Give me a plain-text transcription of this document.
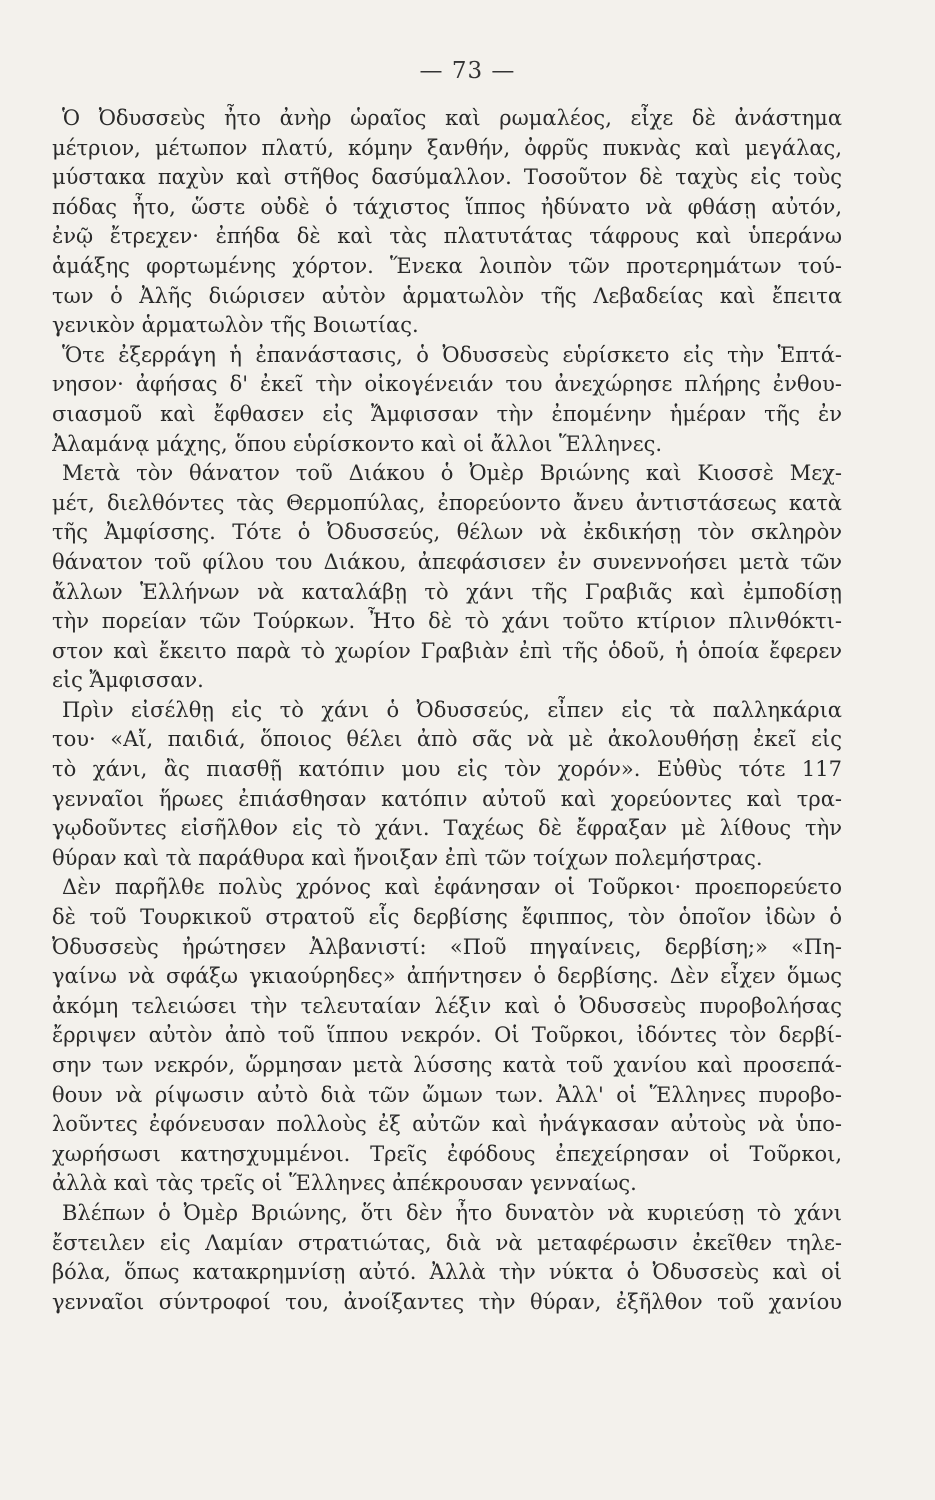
— 73 —
Ὁ Ὀδυσσεὺς ἦτο ἀνὴρ ὡραῖος καὶ ρωμαλέος, εἶχε δὲ ἀνάστημα
μέτριον, μέτωπον πλατύ, κόμην ξανθήν, ὀφρῦς πυκνὰς καὶ μεγάλας,
μύστακα παχὺν καὶ στῆθος δασύμαλλον. Τοσοῦτον δὲ ταχὺς εἰς τοὺς
πόδας ἦτο, ὥστε οὐδὲ ὁ τάχιστος ἵππος ἠδύνατο νὰ φθάσῃ αὐτόν,
ἐνῷ ἔτρεχεν· ἐπήδα δὲ καὶ τὰς πλατυτάτας τάφρους καὶ ὑπεράνω
ἁμάξης φορτωμένης χόρτον. Ἕνεκα λοιπὸν τῶν προτερημάτων τού-
των ὁ Ἀλῆς διώρισεν αὐτὸν ἁρματωλὸν τῆς Λεβαδείας καὶ ἔπειτα
γενικὸν ἁρματωλὸν τῆς Βοιωτίας.
Ὅτε ἐξερράγη ἡ ἐπανάστασις, ὁ Ὀδυσσεὺς εὑρίσκετο εἰς τὴν Ἑπτά-
νησον· ἀφήσας δ' ἐκεῖ τὴν οἰκογένειάν του ἀνεχώρησε πλήρης ἐνθου-
σιασμοῦ καὶ ἔφθασεν εἰς Ἄμφισσαν τὴν ἐπομένην ἡμέραν τῆς ἐν
Ἀλαμάνᾳ μάχης, ὅπου εὑρίσκοντο καὶ οἱ ἄλλοι Ἕλληνες.
Μετὰ τὸν θάνατον τοῦ Διάκου ὁ Ὀμὲρ Βριώνης καὶ Κιοσσὲ Μεχ-
μέτ, διελθόντες τὰς Θερμοπύλας, ἐπορεύοντο ἄνευ ἀντιστάσεως κατὰ
τῆς Ἀμφίσσης. Τότε ὁ Ὀδυσσεύς, θέλων νὰ ἐκδικήσῃ τὸν σκληρὸν
θάνατον τοῦ φίλου του Διάκου, ἀπεφάσισεν ἐν συνεννοήσει μετὰ τῶν
ἄλλων Ἑλλήνων νὰ καταλάβῃ τὸ χάνι τῆς Γραβιᾶς καὶ ἐμποδίσῃ
τὴν πορείαν τῶν Τούρκων. Ἦτο δὲ τὸ χάνι τοῦτο κτίριον πλινθόκτι-
στον καὶ ἔκειτο παρὰ τὸ χωρίον Γραβιὰν ἐπὶ τῆς ὁδοῦ, ἡ ὁποία ἔφερεν
εἰς Ἄμφισσαν.
Πρὶν εἰσέλθῃ εἰς τὸ χάνι ὁ Ὀδυσσεύς, εἶπεν εἰς τὰ παλληκάρια
του· «Αἴ, παιδιά, ὅποιος θέλει ἀπὸ σᾶς νὰ μὲ ἀκολουθήσῃ ἐκεῖ εἰς
τὸ χάνι, ἂς πιασθῇ κατόπιν μου εἰς τὸν χορόν». Εὐθὺς τότε 117
γενναῖοι ἥρωες ἐπιάσθησαν κατόπιν αὐτοῦ καὶ χορεύοντες καὶ τρα-
γῳδοῦντες εἰσῆλθον εἰς τὸ χάνι. Ταχέως δὲ ἔφραξαν μὲ λίθους τὴν
θύραν καὶ τὰ παράθυρα καὶ ἤνοιξαν ἐπὶ τῶν τοίχων πολεμήστρας.
Δὲν παρῆλθε πολὺς χρόνος καὶ ἐφάνησαν οἱ Τοῦρκοι· προεπορεύετο
δὲ τοῦ Τουρκικοῦ στρατοῦ εἷς δερβίσης ἔφιππος, τὸν ὁποῖον ἰδὼν ὁ
Ὀδυσσεὺς ἠρώτησεν Ἀλβανιστί: «Ποῦ πηγαίνεις, δερβίση;» «Πη-
γαίνω νὰ σφάξω γκιαούρηδες» ἀπήντησεν ὁ δερβίσης. Δὲν εἶχεν ὅμως
ἀκόμη τελειώσει τὴν τελευταίαν λέξιν καὶ ὁ Ὀδυσσεὺς πυροβολήσας
ἔρριψεν αὐτὸν ἀπὸ τοῦ ἵππου νεκρόν. Οἱ Τοῦρκοι, ἰδόντες τὸν δερβί-
σην των νεκρόν, ὥρμησαν μετὰ λύσσης κατὰ τοῦ χανίου καὶ προσεπά-
θουν νὰ ρίψωσιν αὐτὸ διὰ τῶν ὤμων των. Ἀλλ' οἱ Ἕλληνες πυροβο-
λοῦντες ἐφόνευσαν πολλοὺς ἐξ αὐτῶν καὶ ἠνάγκασαν αὐτοὺς νὰ ὑπο-
χωρήσωσι κατησχυμμένοι. Τρεῖς ἐφόδους ἐπεχείρησαν οἱ Τοῦρκοι,
ἀλλὰ καὶ τὰς τρεῖς οἱ Ἕλληνες ἀπέκρουσαν γενναίως.
Βλέπων ὁ Ὀμὲρ Βριώνης, ὅτι δὲν ἦτο δυνατὸν νὰ κυριεύσῃ τὸ χάνι
ἔστειλεν εἰς Λαμίαν στρατιώτας, διὰ νὰ μεταφέρωσιν ἐκεῖθεν τηλε-
βόλα, ὅπως κατακρημνίσῃ αὐτό. Ἀλλὰ τὴν νύκτα ὁ Ὀδυσσεὺς καὶ οἱ
γενναῖοι σύντροφοί του, ἀνοίξαντες τὴν θύραν, ἐξῆλθον τοῦ χανίου
